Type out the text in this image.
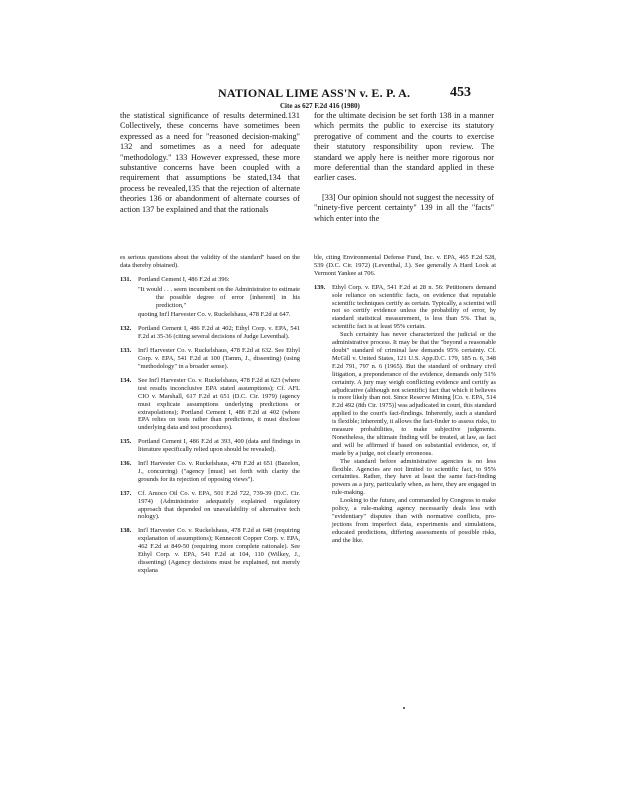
NATIONAL LIME ASS'N v. E. P. A.	453
Cite as 627 F.2d 416 (1980)

the statistical significance of results determined.131 Collectively, these concerns have sometimes been expressed as a need for "reasoned decision-making" 132 and sometimes as a need for adequate "methodology." 133 However expressed, these more substantive concerns have been coupled with a requirement that assumptions be stated,134 that process be revealed,135 that the rejection of alternate theories 136 or abandonment of alternate courses of action 137 be explained and that the rationals

for the ultimate decision be set forth 138 in a manner which permits the public to exercise its statutory prerogative of comment and the courts to exercise their statutory responsibility upon review. The standard we apply here is neither more rigorous nor more deferential than the standard applied in these earlier cases.

[33] Our opinion should not suggest the necessity of "ninety-five percent certainty" 139 in all the "facts" which enter into the

es serious questions about the validity of the standard" based on the data thereby obtained).
131. Portland Cement I, 486 F.2d at 396:
"It would . . . seem incumbent on the Administrator to estimate the possible degree of error [inherent] in his prediction,"
quoting Int'l Harvester Co. v. Ruckelshaus, 478 F.2d at 647.
132. Portland Cement I, 486 F.2d at 402; Ethyl Corp. v. EPA, 541 F.2d at 35-36 (citing several decisions of Judge Leventhal).
133. Int'l Harvester Co. v. Ruckelshaus, 478 F.2d at 632. See Ethyl Corp. v. EPA, 541 F.2d at 100 (Tamm, J., dissenting) (using "methodology" in a broader sense).
134. See Int'l Harvester Co. v. Ruckelshaus, 478 F.2d at 623 (where test results inconclusive EPA stated assumptions); Cf. AFL CIO v. Marshall, 617 F.2d at 651 (D.C. Cir. 1979) (agency must explicate assumptions underlying predictions or extrapolations); Portland Cement I, 486 F.2d at 402 (where EPA relies on tests rather than predictions, it must disclose underlying data and test procedures).
135. Portland Cement I, 486 F.2d at 393, 400 (data and findings in literature specifically relied upon should be revealed).
136. Int'l Harvester Co. v. Ruckelshaus, 478 F.2d at 651 (Bazelon, J., concurring) ("agency [must] set forth with clarity the grounds for its rejection of opposing views").
137. Cf. Amoco Oil Co. v. EPA, 501 F.2d 722, 739-39 (D.C. Cir. 1974) (Administrator adequately explained regulatory approach that depended on unavailability of alternative tech nology).
138. Int'l Harvester Co. v. Ruckelshaus, 478 F.2d at 648 (requiring explanation of assumptions); Kennecott Copper Corp. v. EPA, 462 F.2d at 849-50 (requiring more complete rationale). See Ethyl Corp. v. EPA, 541 F.2d at 104, 110 (Wilkey, J., dissenting) (Agency decisions must be explained, not merely explana
ble, citing Environmental Defense Fund, Inc. v. EPA, 465 F.2d 528, 539 (D.C. Cir. 1972) (Leventhal, J.). See generally A Hard Look at Vermont Yankee at 706.
139. Ethyl Corp. v. EPA, 541 F.2d at 28 n. 56: Petitioners demand sole reliance on scientific facts, on evidence that reputable scientific techniques certify as certain. Typically, a scientist will not so certify evidence unless the probability of error, by standard statistical measurement, is less than 5%. That is, scientific fact is at least 95% certain.
Such certainty has never characterized the judicial or the administrative process. It may be that the "beyond a reasonable doubt" standard of criminal law demands 95% certainty. Cf. McGill v. United States, 121 U.S. App.D.C. 179, 185 n. 6, 348 F.2d 791, 797 n. 6 (1965). But the standard of ordinary civil litigation, a preponderance of the evidence, demands only 51% certainty. A jury may weigh conflicting evidence and certify as adjudicative (although not scientific) fact that which it believes is more likely than not. Since Reserve Mining [Co. v. EPA, 514 F.2d 492 (8th Cir. 1975)] was adjudicated in court, this standard applied to the court's fact-findings. Inherently, such a standard is flexible; inherently, it allows the fact-finder to assess risks, to measure probabilities, to make subjective judgments. Nonetheless, the ultimate finding will be treated, at law, as fact and will be affirmed if based on substantial evidence, or, if made by a judge, not clearly erroneous.
The standard before administrative agencies is no less flexible. Agencies are not limited to scientific fact, to 95% certainties. Rather, they have at least the same fact-finding powers as a jury, particularly when, as here, they are engaged in rule-making.
Looking to the future, and commanded by Congress to make policy, a rule-making agency necessarily deals less with "evidentiary" disputes than with normative conflicts, projections from imperfect data, experiments and simulations, educated predictions, differing assessments of possible risks, and the like.
